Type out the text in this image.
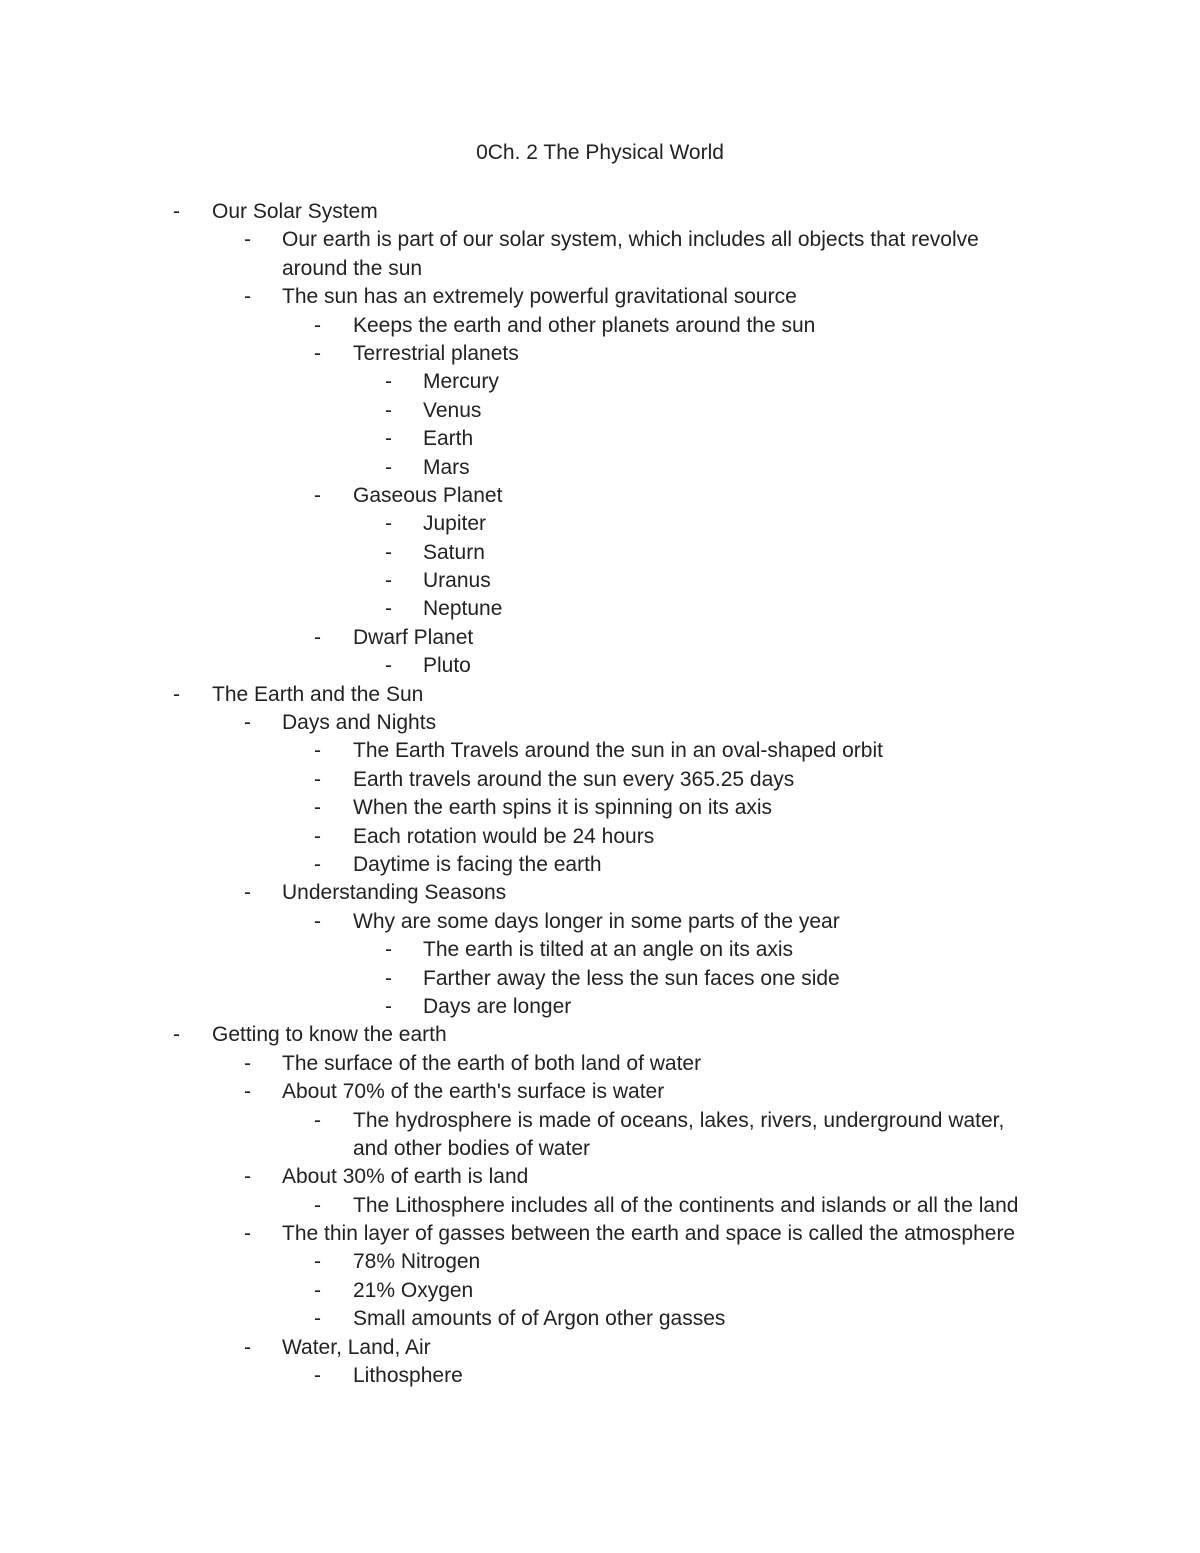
0Ch. 2 The Physical World
- Our Solar System
- Our earth is part of our solar system, which includes all objects that revolve
around the sun
- The sun has an extremely powerful gravitational source
- Keeps the earth and other planets around the sun
- Terrestrial planets
- Mercury
- Venus
- Earth
- Mars
- Gaseous Planet
- Jupiter
- Saturn
- Uranus
- Neptune
- Dwarf Planet
- Pluto
- The Earth and the Sun
- Days and Nights
- The Earth Travels around the sun in an oval-shaped orbit
- Earth travels around the sun every 365.25 days
- When the earth spins it is spinning on its axis
- Each rotation would be 24 hours
- Daytime is facing the earth
- Understanding Seasons
- Why are some days longer in some parts of the year
- The earth is tilted at an angle on its axis
- Farther away the less the sun faces one side
- Days are longer
- Getting to know the earth
- The surface of the earth of both land of water
- About 70% of the earth's surface is water
- The hydrosphere is made of oceans, lakes, rivers, underground water,
and other bodies of water
- About 30% of earth is land
- The Lithosphere includes all of the continents and islands or all the land
- The thin layer of gasses between the earth and space is called the atmosphere
- 78% Nitrogen
- 21% Oxygen
- Small amounts of of Argon other gasses
- Water, Land, Air
- Lithosphere
